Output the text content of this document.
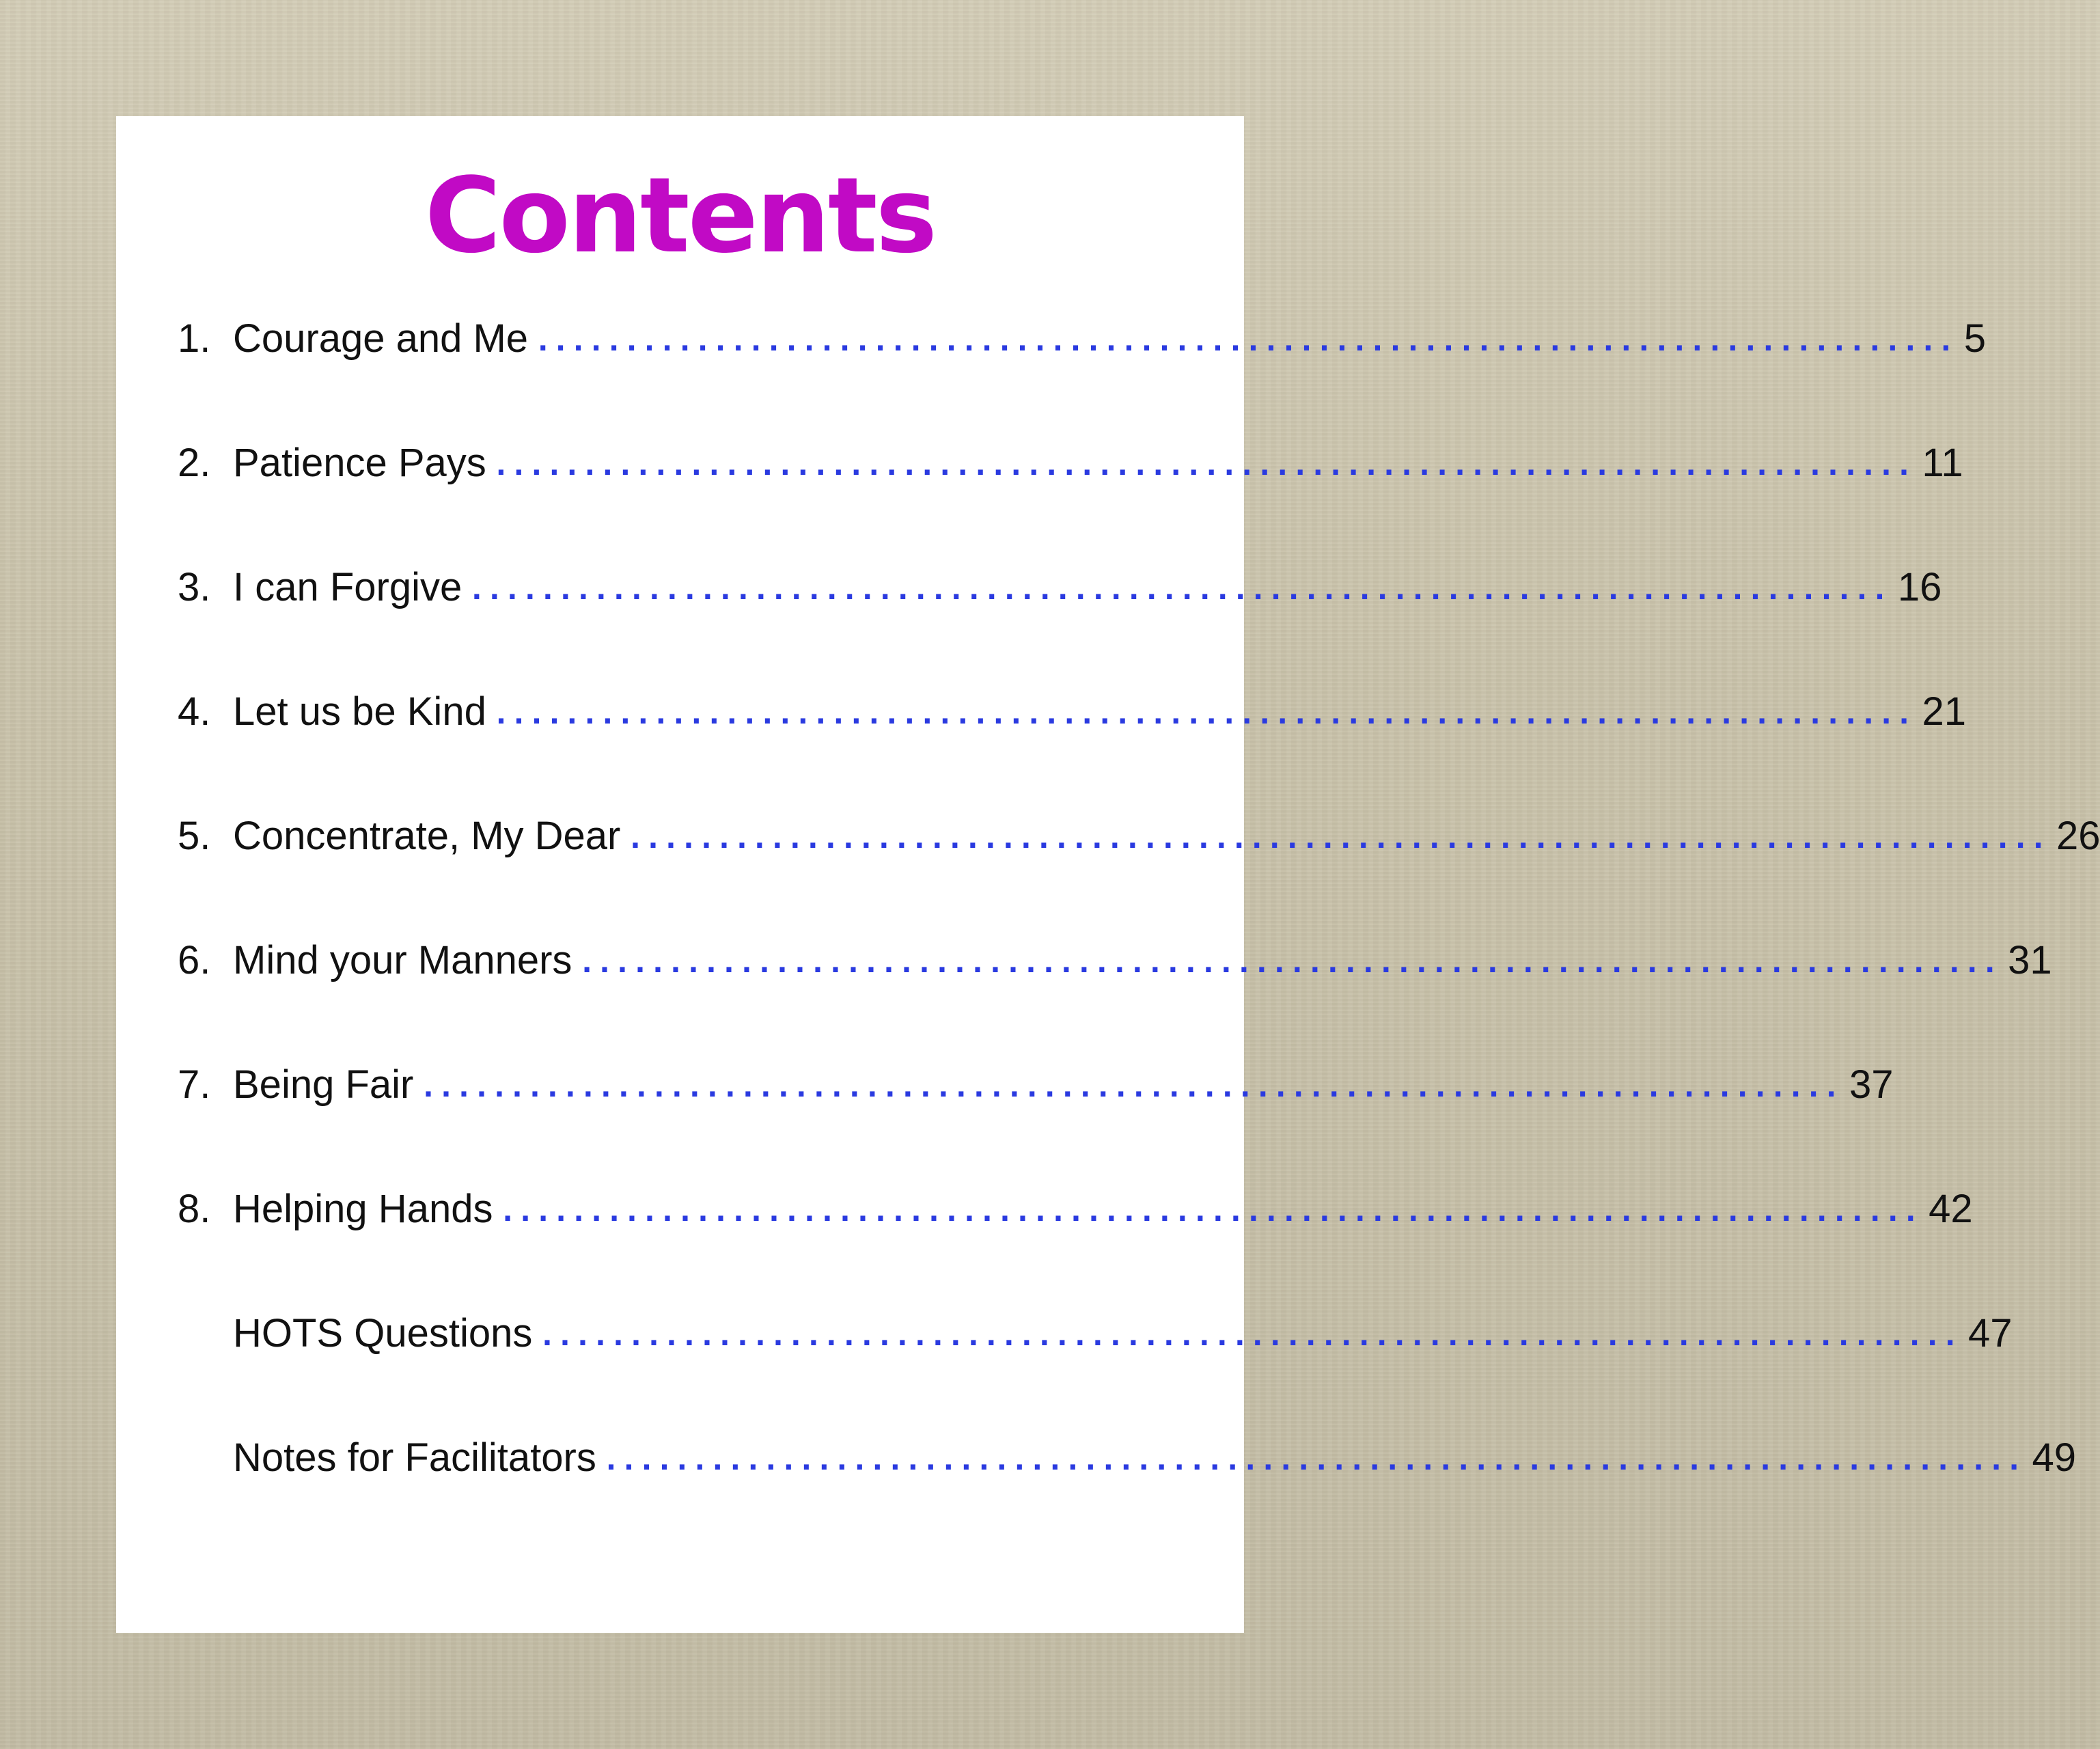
Contents
1. Courage and Me ................................................................................ 5
2. Patience Pays ................................................................................ 11
3. I can Forgive ................................................................................ 16
4. Let us be Kind ................................................................................ 21
5. Concentrate, My Dear ................................................................................ 26
6. Mind your Manners ................................................................................ 31
7. Being Fair ................................................................................ 37
8. Helping Hands ................................................................................ 42
HOTS Questions ................................................................................ 47
Notes for Facilitators ................................................................................ 49
